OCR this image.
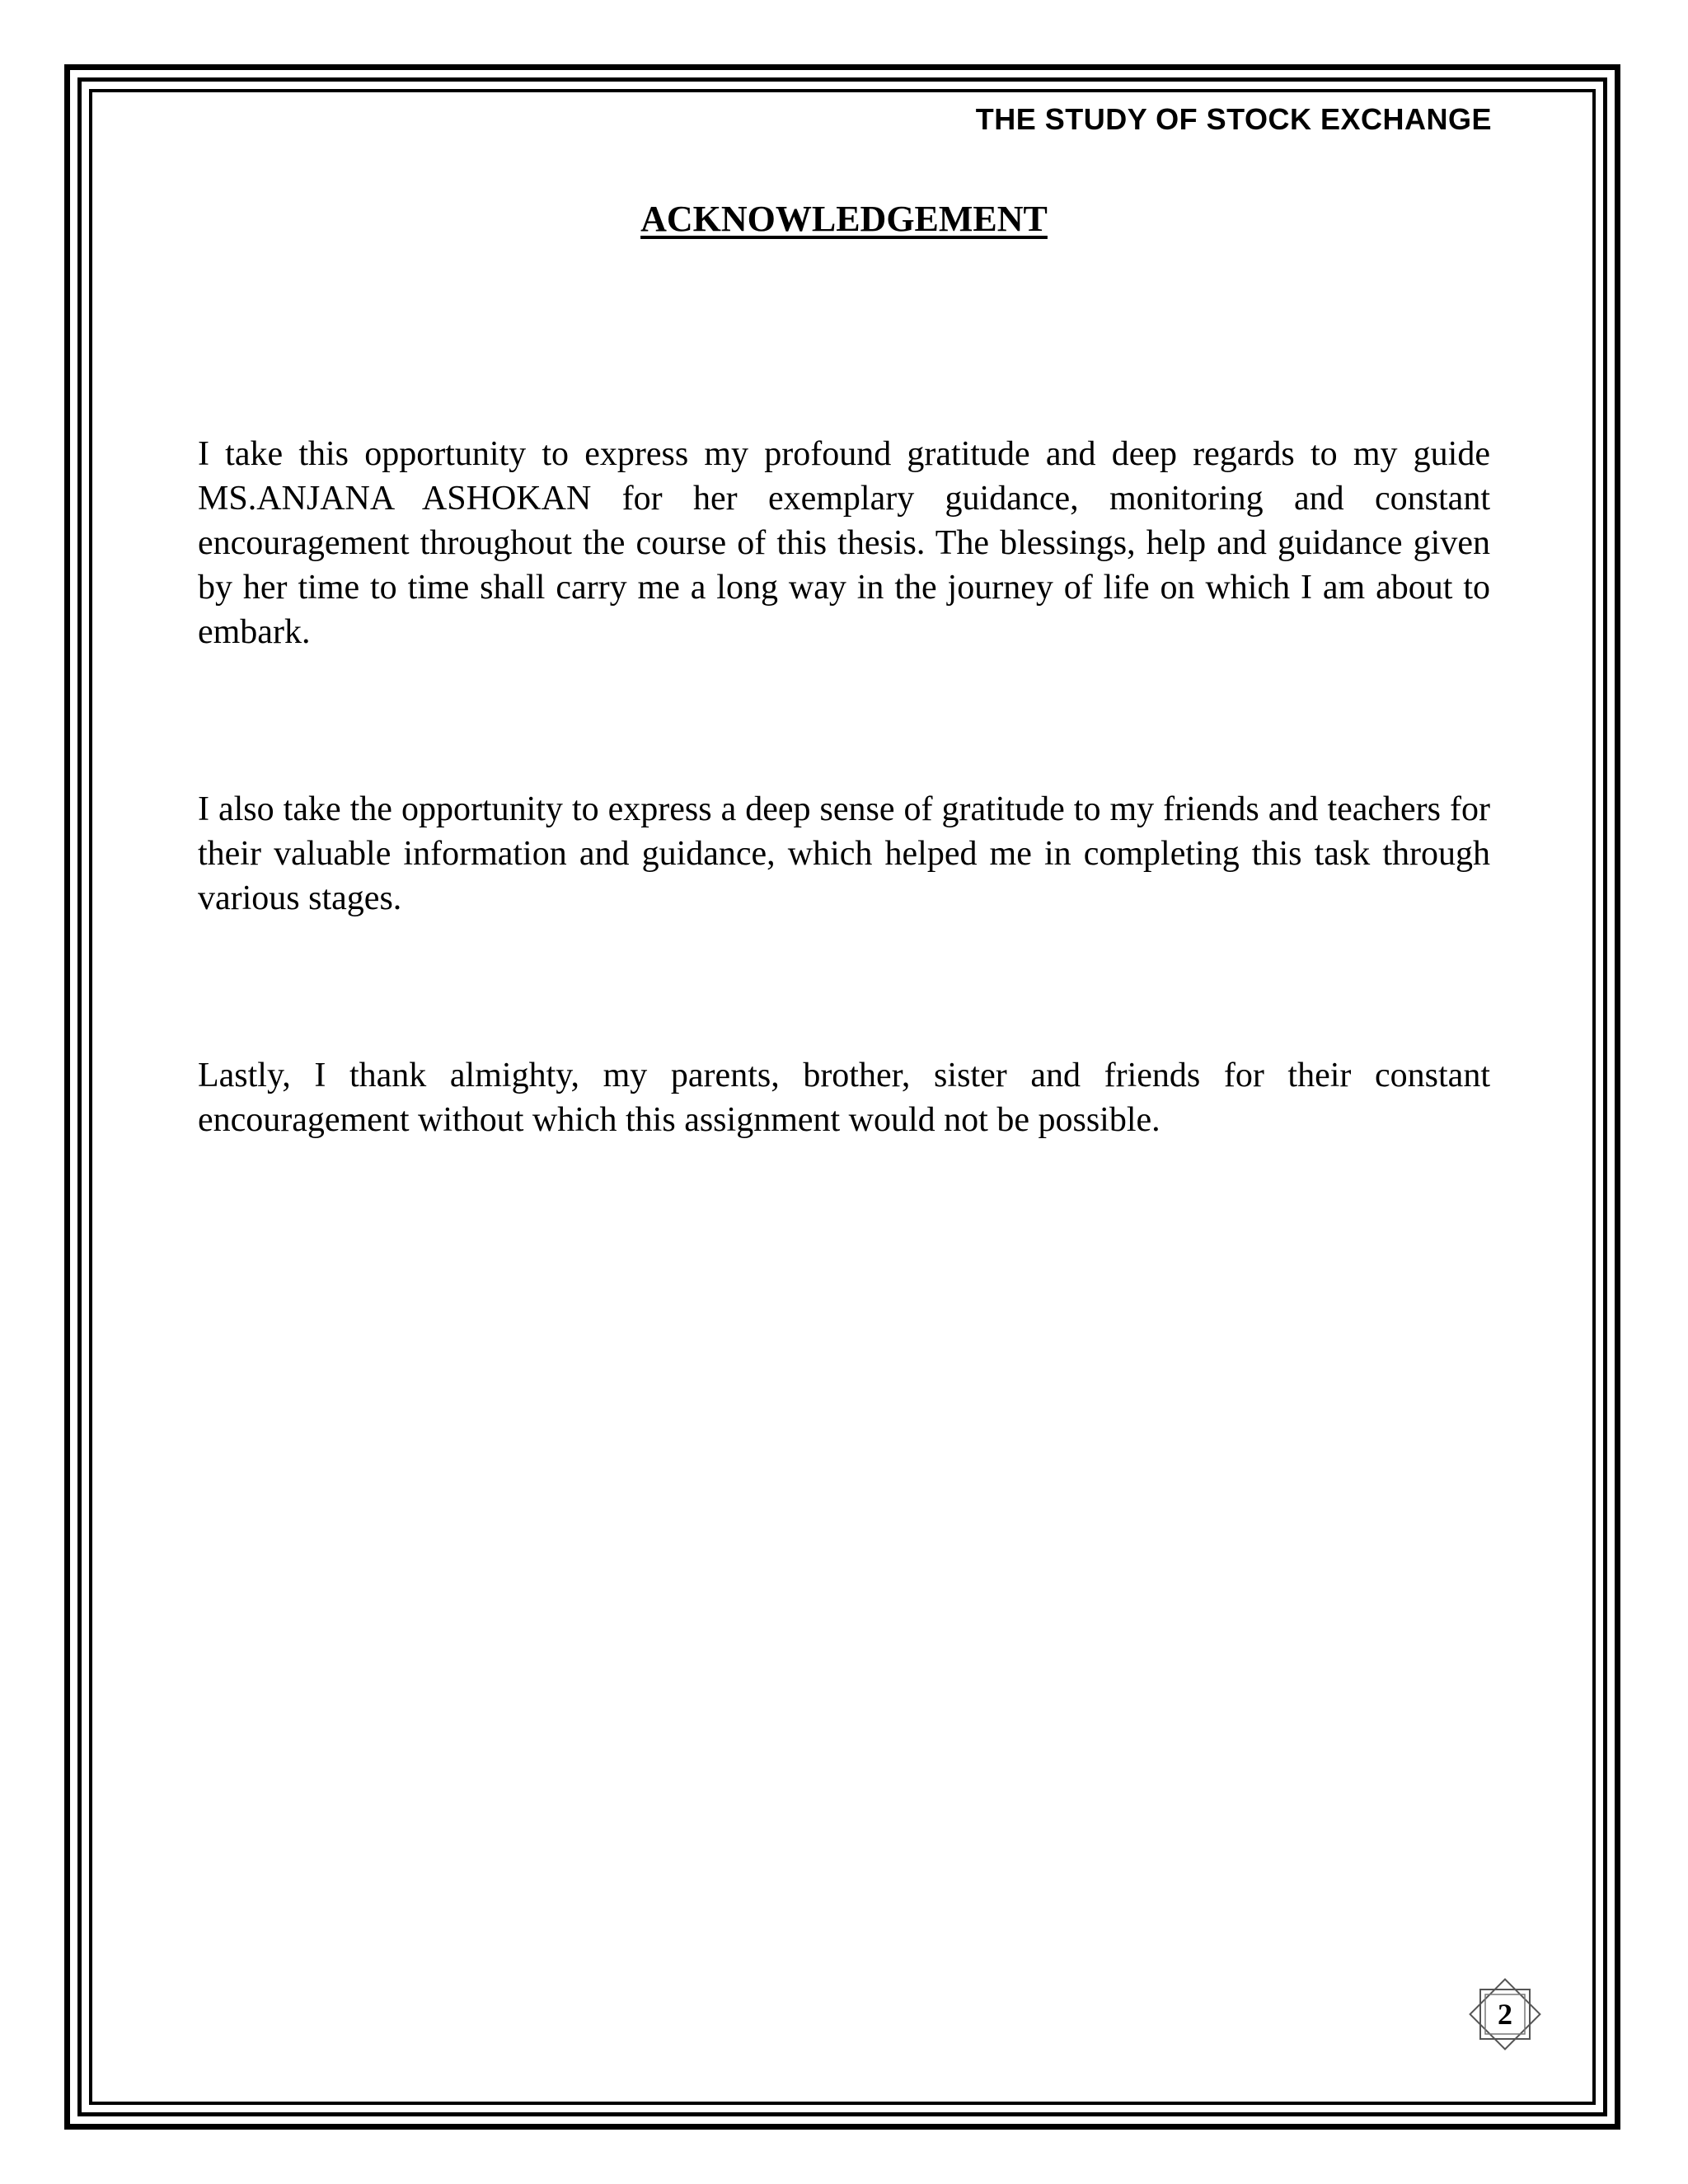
THE STUDY OF STOCK EXCHANGE
ACKNOWLEDGEMENT

I take this opportunity to express my profound gratitude and deep regards to my guide MS.ANJANA ASHOKAN for her exemplary guidance, monitoring and constant encouragement throughout the course of this thesis. The blessings, help and guidance given by her time to time shall carry me a long way in the journey of life on which I am about to embark.

I also take the opportunity to express a deep sense of gratitude to my friends and teachers for their valuable information and guidance, which helped me in completing this task through various stages.

Lastly, I thank almighty, my parents, brother, sister and friends for their constant encouragement without which this assignment would not be possible.

2
